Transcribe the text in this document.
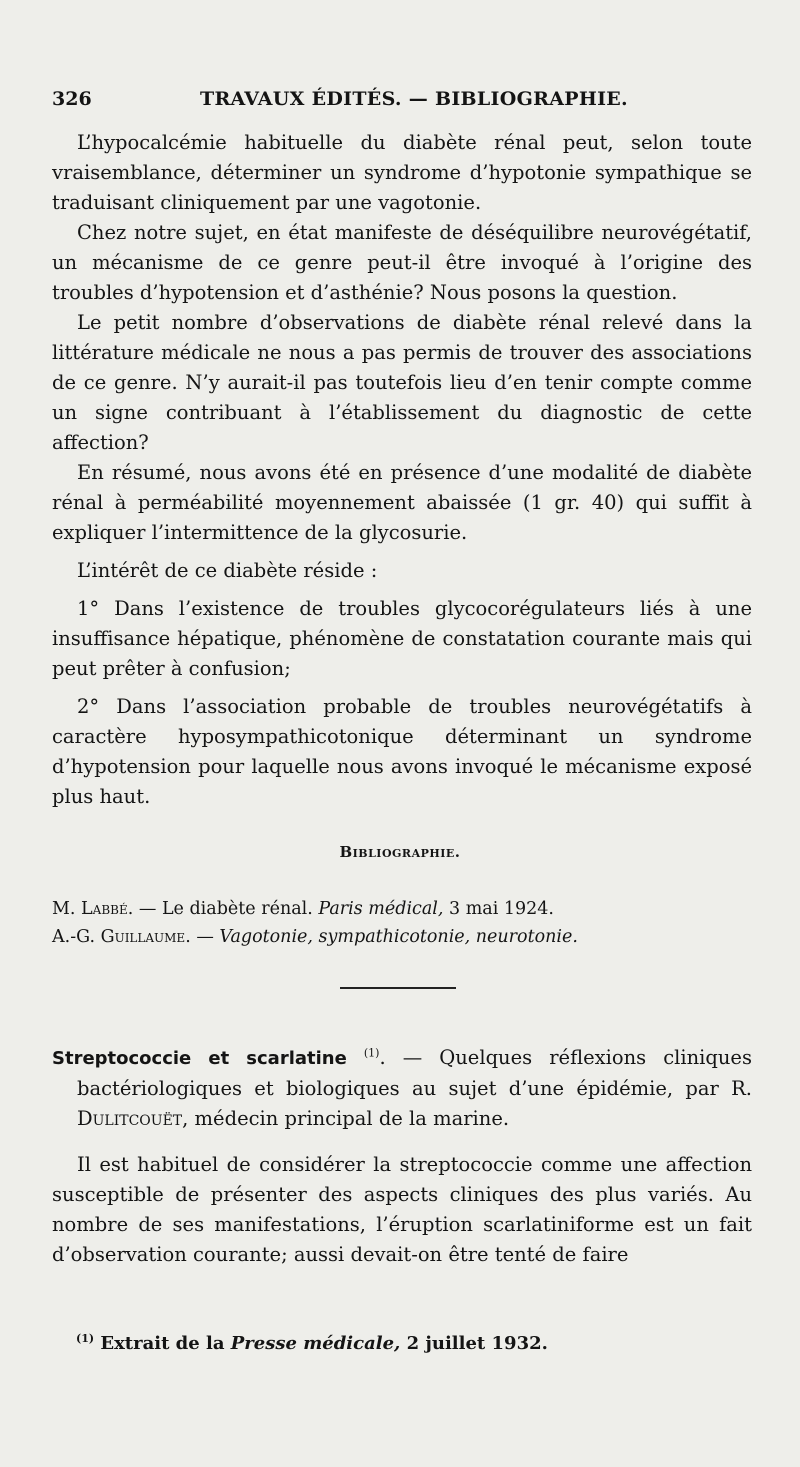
326	TRAVAUX ÉDITÉS. — BIBLIOGRAPHIE.

L’hypocalcémie habituelle du diabète rénal peut, selon toute vraisemblance, déterminer un syndrome d’hypotonie sympathique se traduisant cliniquement par une vagotonie.

Chez notre sujet, en état manifeste de déséquilibre neurovégétatif, un mécanisme de ce genre peut-il être invoqué à l’origine des troubles d’hypotension et d’asthénie? Nous posons la question.

Le petit nombre d’observations de diabète rénal relevé dans la littérature médicale ne nous a pas permis de trouver des associations de ce genre. N’y aurait-il pas toutefois lieu d’en tenir compte comme un signe contribuant à l’établissement du diagnostic de cette affection?

En résumé, nous avons été en présence d’une modalité de diabète rénal à perméabilité moyennement abaissée (1 gr. 40) qui suffit à expliquer l’intermittence de la glycosurie.

L’intérêt de ce diabète réside :

1° Dans l’existence de troubles glycocorégulateurs liés à une insuffisance hépatique, phénomène de constatation courante mais qui peut prêter à confusion;

2° Dans l’association probable de troubles neurovégétatifs à caractère hyposympathicotonique déterminant un syndrome d’hypotension pour laquelle nous avons invoqué le mécanisme exposé plus haut.

Bibliographie.
M. Labbé. — Le diabète rénal. Paris médical, 3 mai 1924.
A.-G. Guillaume. — Vagotonie, sympathicotonie, neurotonie.

Streptococcie et scarlatine $^{(1)}$. — Quelques réflexions cliniques bactériologiques et biologiques au sujet d’une épidémie, par R. Dulitcouët, médecin principal de la marine.

Il est habituel de considérer la streptococcie comme une affection susceptible de présenter des aspects cliniques des plus variés. Au nombre de ses manifestations, l’éruption scarlatiniforme est un fait d’observation courante; aussi devait-on être tenté de faire

$^{(1)}$ Extrait de la Presse médicale, 2 juillet 1932.
